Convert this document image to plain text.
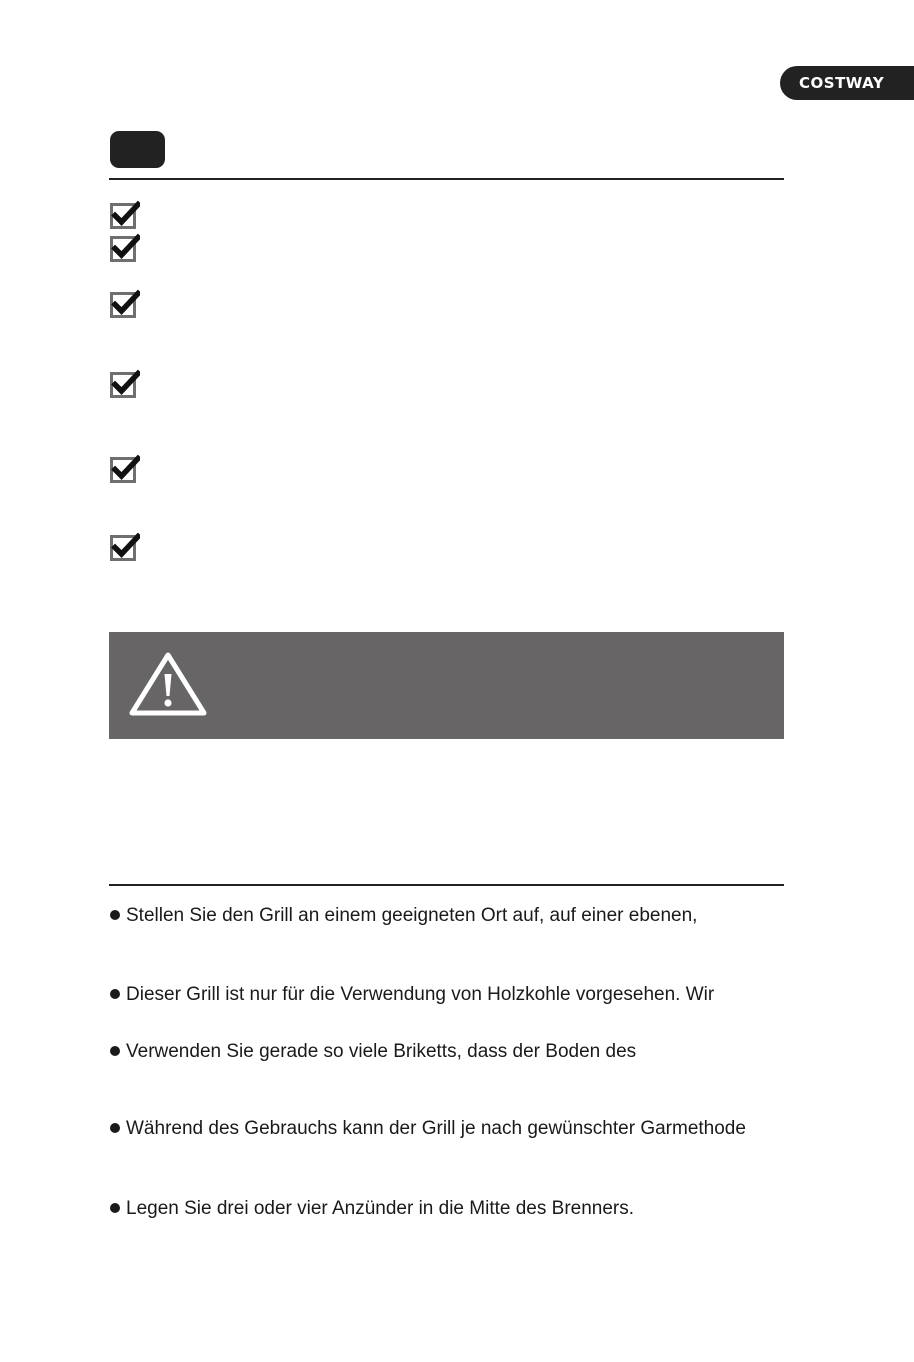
COSTWAY
Stellen Sie den Grill an einem geeigneten Ort auf, auf einer ebenen,
Dieser Grill ist nur für die Verwendung von Holzkohle vorgesehen. Wir
Verwenden Sie gerade so viele Briketts, dass der Boden des
Während des Gebrauchs kann der Grill je nach gewünschter Garmethode
Legen Sie drei oder vier Anzünder in die Mitte des Brenners.
